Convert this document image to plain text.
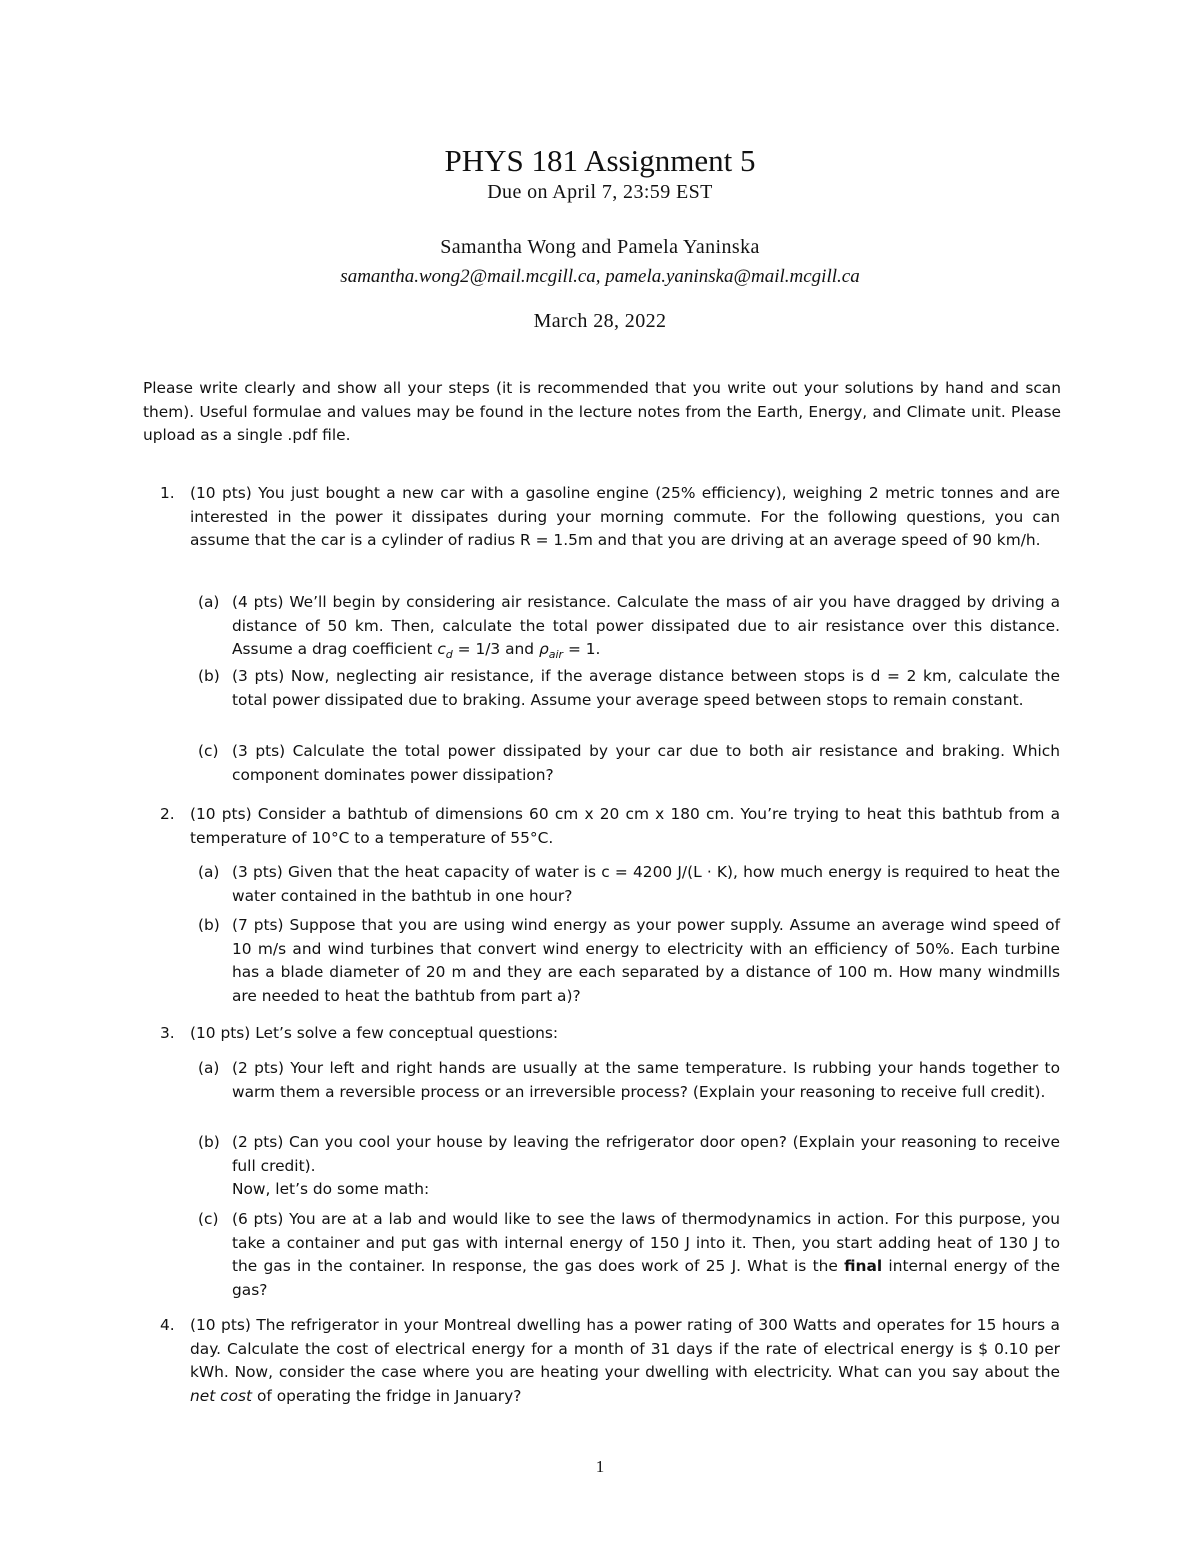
PHYS 181 Assignment 5
Due on April 7, 23:59 EST
Samantha Wong and Pamela Yaninska
samantha.wong2@mail.mcgill.ca, pamela.yaninska@mail.mcgill.ca
March 28, 2022
Please write clearly and show all your steps (it is recommended that you write out your solutions by hand and scan them). Useful formulae and values may be found in the lecture notes from the Earth, Energy, and Climate unit. Please upload as a single .pdf file.
1. (10 pts) You just bought a new car with a gasoline engine (25% efficiency), weighing 2 metric tonnes and are interested in the power it dissipates during your morning commute. For the following questions, you can assume that the car is a cylinder of radius R = 1.5m and that you are driving at an average speed of 90 km/h.
(a) (4 pts) We’ll begin by considering air resistance. Calculate the mass of air you have dragged by driving a distance of 50 km. Then, calculate the total power dissipated due to air resistance over this distance. Assume a drag coefficient $c_d = 1/3$ and $\rho_{air} = 1$.
(b) (3 pts) Now, neglecting air resistance, if the average distance between stops is d = 2 km, calculate the total power dissipated due to braking. Assume your average speed between stops to remain constant.
(c) (3 pts) Calculate the total power dissipated by your car due to both air resistance and braking. Which component dominates power dissipation?
2. (10 pts) Consider a bathtub of dimensions 60 cm x 20 cm x 180 cm. You’re trying to heat this bathtub from a temperature of 10°C to a temperature of 55°C.
(a) (3 pts) Given that the heat capacity of water is c = 4200 J/(L · K), how much energy is required to heat the water contained in the bathtub in one hour?
(b) (7 pts) Suppose that you are using wind energy as your power supply. Assume an average wind speed of 10 m/s and wind turbines that convert wind energy to electricity with an efficiency of 50%. Each turbine has a blade diameter of 20 m and they are each separated by a distance of 100 m. How many windmills are needed to heat the bathtub from part a)?
3. (10 pts) Let’s solve a few conceptual questions:
(a) (2 pts) Your left and right hands are usually at the same temperature. Is rubbing your hands together to warm them a reversible process or an irreversible process? (Explain your reasoning to receive full credit).
(b) (2 pts) Can you cool your house by leaving the refrigerator door open? (Explain your reasoning to receive full credit).
Now, let’s do some math:
(c) (6 pts) You are at a lab and would like to see the laws of thermodynamics in action. For this purpose, you take a container and put gas with internal energy of 150 J into it. Then, you start adding heat of 130 J to the gas in the container. In response, the gas does work of 25 J. What is the final internal energy of the gas?
4. (10 pts) The refrigerator in your Montreal dwelling has a power rating of 300 Watts and operates for 15 hours a day. Calculate the cost of electrical energy for a month of 31 days if the rate of electrical energy is $ 0.10 per kWh. Now, consider the case where you are heating your dwelling with electricity. What can you say about the net cost of operating the fridge in January?
1
